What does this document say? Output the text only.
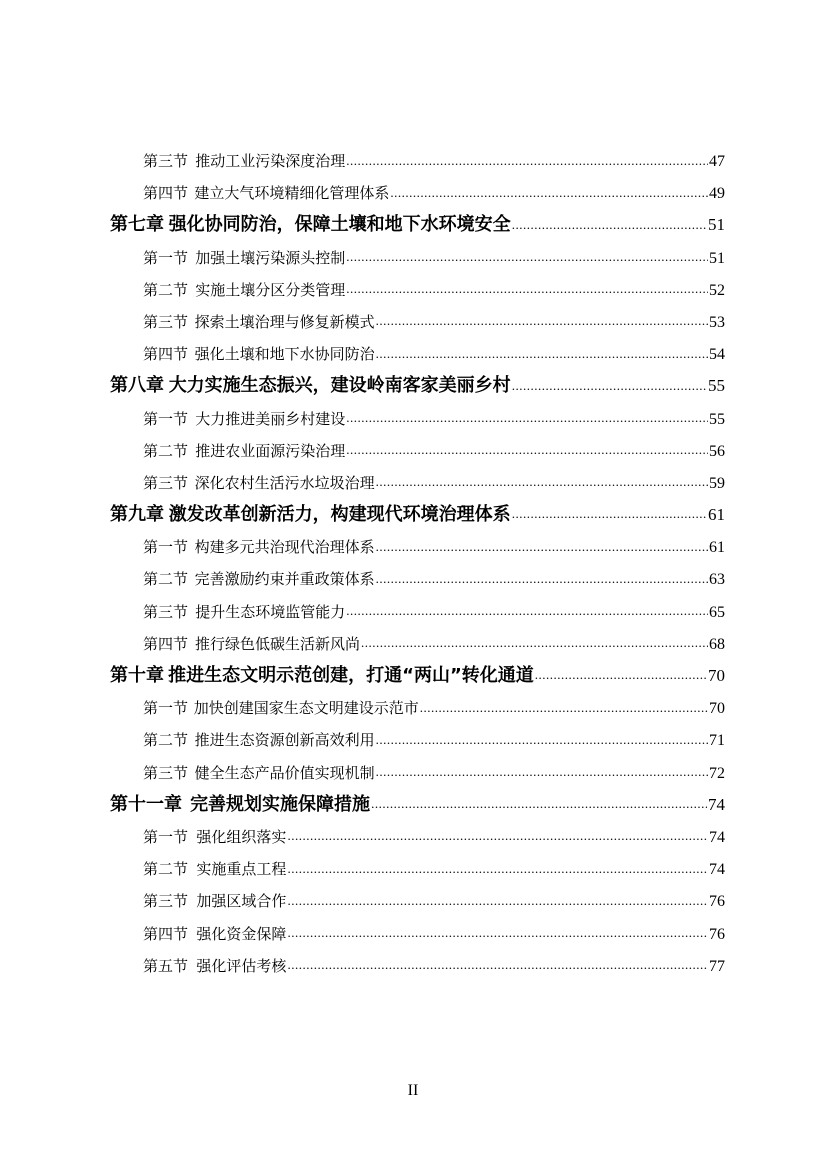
第三节 推动工业污染深度治理 .....	47
第四节 建立大气环境精细化管理体系 .....	49
第七章 强化协同防治，保障土壤和地下水环境安全 .....	51
第一节 加强土壤污染源头控制 .....	51
第二节 实施土壤分区分类管理 .....	52
第三节 探索土壤治理与修复新模式 .....	53
第四节 强化土壤和地下水协同防治 .....	54
第八章 大力实施生态振兴，建设岭南客家美丽乡村 .....	55
第一节 大力推进美丽乡村建设 .....	55
第二节 推进农业面源污染治理 .....	56
第三节 深化农村生活污水垃圾治理 .....	59
第九章 激发改革创新活力，构建现代环境治理体系 .....	61
第一节 构建多元共治现代治理体系 .....	61
第二节 完善激励约束并重政策体系 .....	63
第三节 提升生态环境监管能力 .....	65
第四节 推行绿色低碳生活新风尚 .....	68
第十章 推进生态文明示范创建，打通“两山”转化通道 .....	70
第一节 加快创建国家生态文明建设示范市 .....	70
第二节 推进生态资源创新高效利用 .....	71
第三节 健全生态产品价值实现机制 .....	72
第十一章 完善规划实施保障措施 .....	74
第一节 强化组织落实 .....	74
第二节 实施重点工程 .....	74
第三节 加强区域合作 .....	76
第四节 强化资金保障 .....	76
第五节 强化评估考核 .....	77
II
